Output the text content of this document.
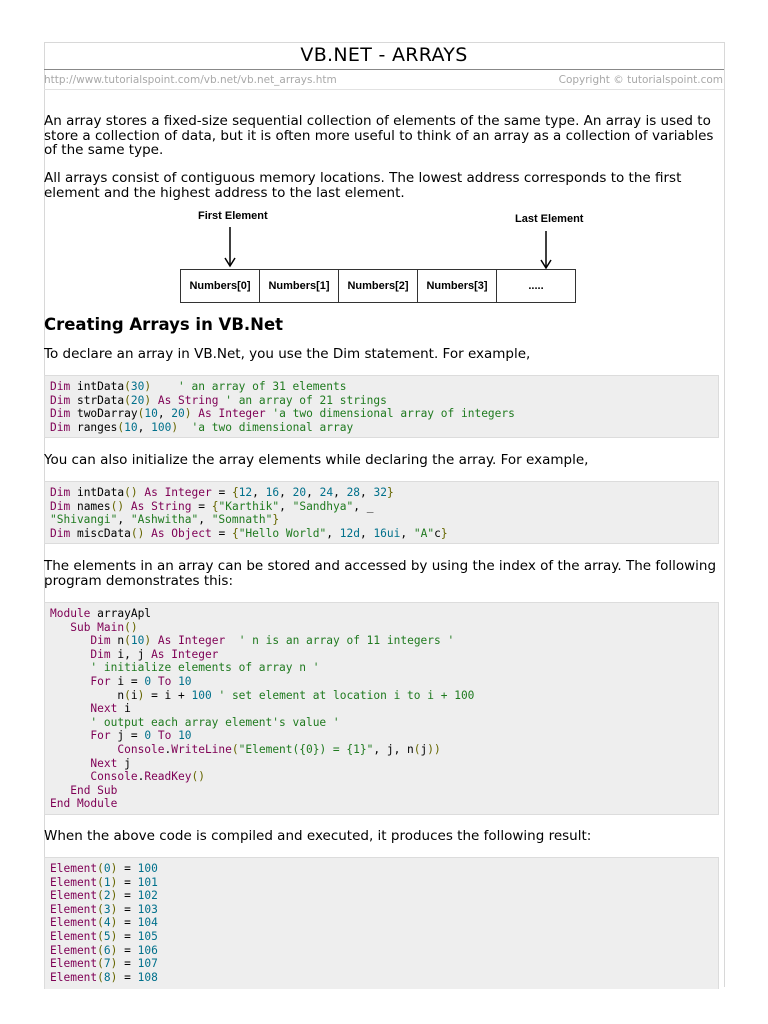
VB.NET - ARRAYS
http://www.tutorialspoint.com/vb.net/vb.net_arrays.htm	Copyright © tutorialspoint.com

An array stores a fixed-size sequential collection of elements of the same type. An array is used to store a collection of data, but it is often more useful to think of an array as a collection of variables of the same type.

All arrays consist of contiguous memory locations. The lowest address corresponds to the first element and the highest address to the last element.

First Element	Last Element
Numbers[0]	Numbers[1]	Numbers[2]	Numbers[3]	.....
Creating Arrays in VB.Net

To declare an array in VB.Net, you use the Dim statement. For example,

Dim intData(30) ' an array of 31 elements
Dim strData(20) As String ' an array of 21 strings
Dim twoDarray(10, 20) As Integer 'a two dimensional array of integers
Dim ranges(10, 100) 'a two dimensional array

You can also initialize the array elements while declaring the array. For example,

Dim intData() As Integer = {12, 16, 20, 24, 28, 32}
Dim names() As String = {"Karthik", "Sandhya", _
"Shivangi", "Ashwitha", "Somnath"}
Dim miscData() As Object = {"Hello World", 12d, 16ui, "A"c}

The elements in an array can be stored and accessed by using the index of the array. The following program demonstrates this:

Module arrayApl
Sub Main()
Dim n(10) As Integer ' n is an array of 11 integers '
Dim i, j As Integer
' initialize elements of array n '
For i = 0 To 10
n(i) = i + 100 ' set element at location i to i + 100
Next i
' output each array element's value '
For j = 0 To 10
Console.WriteLine("Element({0}) = {1}", j, n(j))
Next j
Console.ReadKey()
End Sub
End Module

When the above code is compiled and executed, it produces the following result:

Element(0) = 100
Element(1) = 101
Element(2) = 102
Element(3) = 103
Element(4) = 104
Element(5) = 105
Element(6) = 106
Element(7) = 107
Element(8) = 108
